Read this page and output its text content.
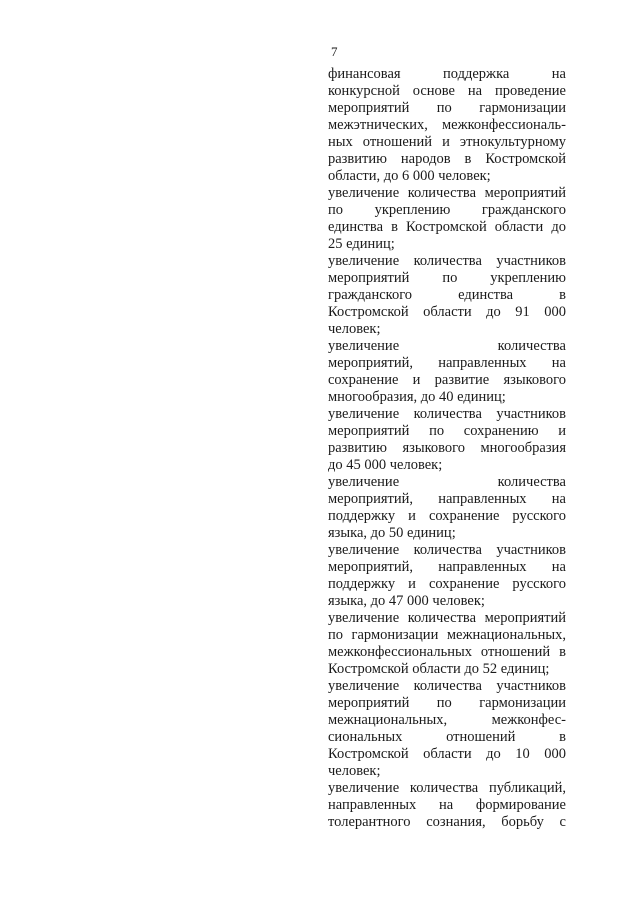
7

финансовая поддержка на
конкурсной основе на проведение
мероприятий по гармонизации
межэтнических, межконфессиональ-
ных отношений и этнокультурному
развитию народов в Костромской
области, до 6 000 человек;

увеличение количества мероприятий
по укреплению гражданского
единства в Костромской области до
25 единиц;

увеличение количества участников
мероприятий по укреплению
гражданского единства в
Костромской области до 91 000
человек;

увеличение количества
мероприятий, направленных на
сохранение и развитие языкового
многообразия, до 40 единиц;

увеличение количества участников
мероприятий по сохранению и
развитию языкового многообразия
до 45 000 человек;

увеличение количества
мероприятий, направленных на
поддержку и сохранение русского
языка, до 50 единиц;

увеличение количества участников
мероприятий, направленных на
поддержку и сохранение русского
языка, до 47 000 человек;

увеличение количества мероприятий
по гармонизации межнациональных,
межконфессиональных отношений в
Костромской области до 52 единиц;

увеличение количества участников
мероприятий по гармонизации
межнациональных, межконфес-
сиональных отношений в
Костромской области до 10 000
человек;

увеличение количества публикаций,
направленных на формирование
толерантного сознания, борьбу с
